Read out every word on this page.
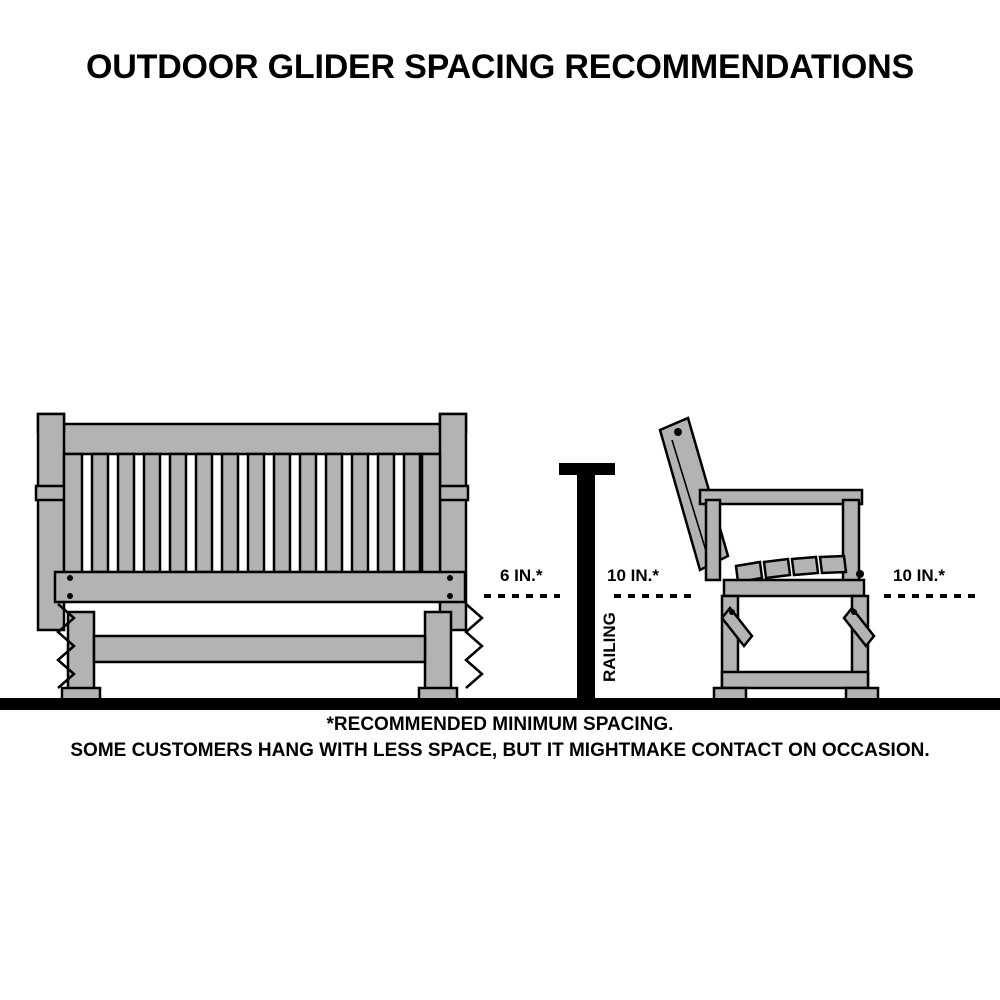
OUTDOOR GLIDER SPACING RECOMMENDATIONS
6 IN.*	10 IN.*	10 IN.*
RAILING
*RECOMMENDED MINIMUM SPACING.
SOME CUSTOMERS HANG WITH LESS SPACE, BUT IT MIGHTMAKE CONTACT ON OCCASION.
